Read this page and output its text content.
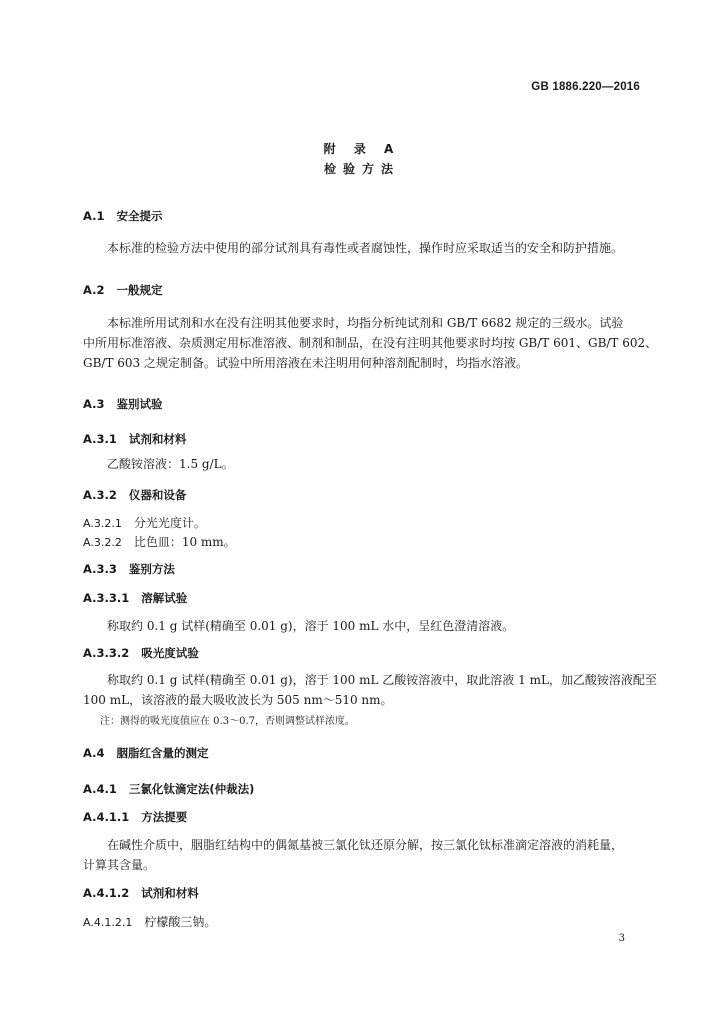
GB 1886.220—2016
附 录 A
检验方法
A.1 安全提示
本标准的检验方法中使用的部分试剂具有毒性或者腐蚀性，操作时应采取适当的安全和防护措施。
A.2 一般规定
本标准所用试剂和水在没有注明其他要求时，均指分析纯试剂和 GB/T 6682 规定的三级水。试验
中所用标准溶液、杂质测定用标准溶液、制剂和制品，在没有注明其他要求时均按 GB/T 601、GB/T 602、
GB/T 603 之规定制备。试验中所用溶液在未注明用何种溶剂配制时，均指水溶液。
A.3 鉴别试验
A.3.1 试剂和材料
乙酸铵溶液：1.5 g/L。
A.3.2 仪器和设备
A.3.2.1 分光光度计。
A.3.2.2 比色皿：10 mm。
A.3.3 鉴别方法
A.3.3.1 溶解试验
称取约 0.1 g 试样(精确至 0.01 g)，溶于 100 mL 水中，呈红色澄清溶液。
A.3.3.2 吸光度试验
称取约 0.1 g 试样(精确至 0.01 g)，溶于 100 mL 乙酸铵溶液中，取此溶液 1 mL，加乙酸铵溶液配至
100 mL，该溶液的最大吸收波长为 505 nm～510 nm。
注：测得的吸光度值应在 0.3～0.7，否则调整试样浓度。
A.4 胭脂红含量的测定
A.4.1 三氯化钛滴定法(仲裁法)
A.4.1.1 方法提要
在碱性介质中，胭脂红结构中的偶氮基被三氯化钛还原分解，按三氯化钛标准滴定溶液的消耗量，
计算其含量。
A.4.1.2 试剂和材料
A.4.1.2.1 柠檬酸三钠。
3
